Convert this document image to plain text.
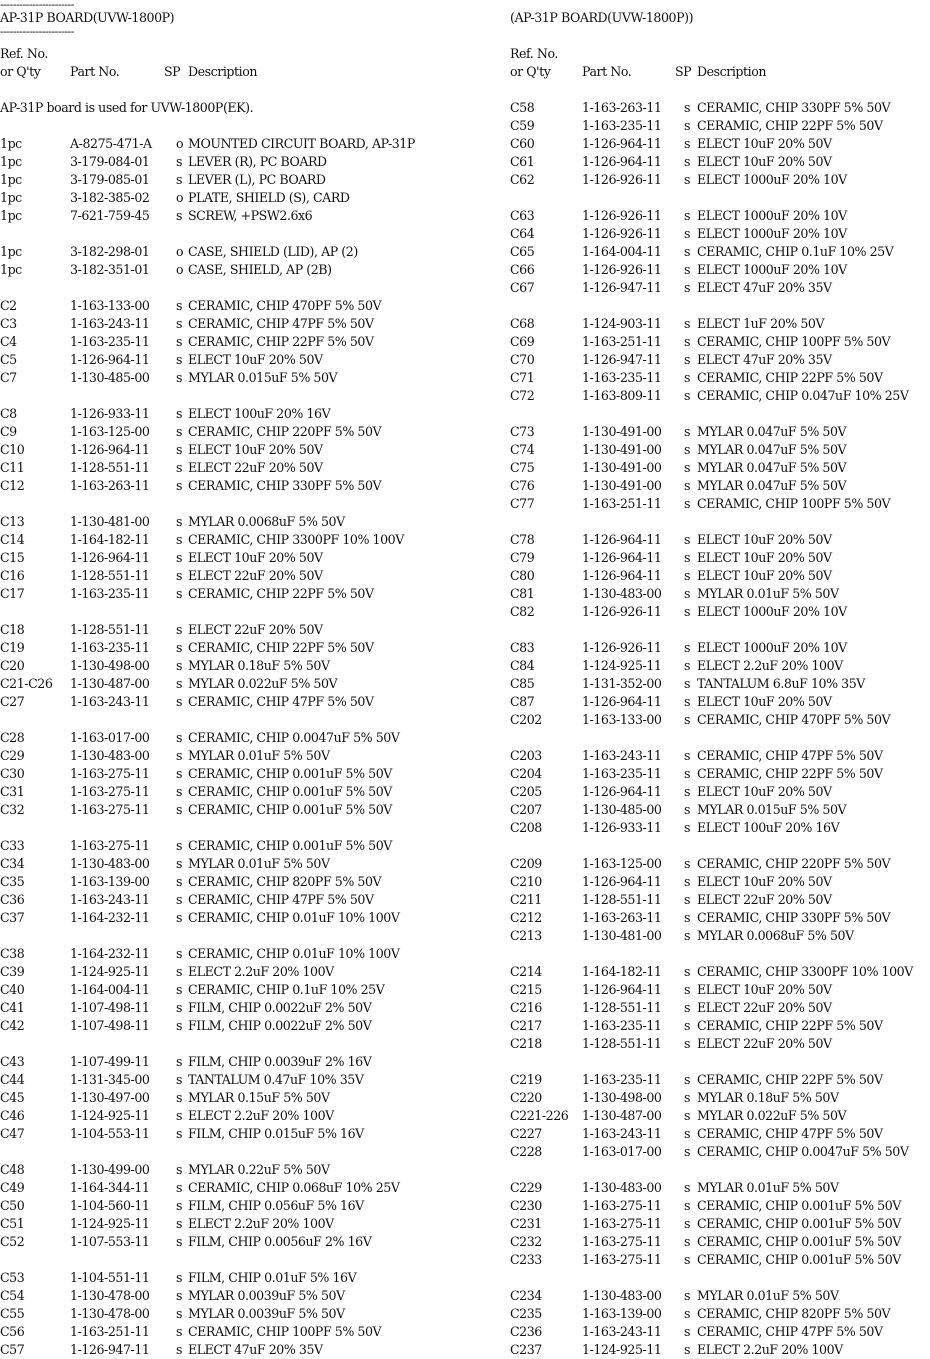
-----------------------
AP-31P BOARD(UVW-1800P)
-----------------------
Ref. No.

or Q'ty

Part No.

	SP

Description

AP-31P board is used for UVW-1800P(EK).
1pc	A-8275-471-A o MOUNTED CIRCUIT BOARD, AP-31P
1pc	3-179-084-01 s LEVER (R), PC BOARD
1pc	3-179-085-01 s LEVER (L), PC BOARD
1pc	3-182-385-02 o PLATE, SHIELD (S), CARD
1pc	7-621-759-45 s SCREW, +PSW2.6x6
1pc	3-182-298-01 o CASE, SHIELD (LID), AP (2)
1pc	3-182-351-01 o CASE, SHIELD, AP (2B)
C2	1-163-133-00 s CERAMIC, CHIP 470PF 5% 50V
C3	1-163-243-11 s CERAMIC, CHIP 47PF 5% 50V
C4	1-163-235-11 s CERAMIC, CHIP 22PF 5% 50V
C5	1-126-964-11 s ELECT 10uF 20% 50V
C7	1-130-485-00 s MYLAR 0.015uF 5% 50V
C8	1-126-933-11 s ELECT 100uF 20% 16V
C9	1-163-125-00 s CERAMIC, CHIP 220PF 5% 50V
C10	1-126-964-11 s ELECT 10uF 20% 50V
C11	1-128-551-11 s ELECT 22uF 20% 50V
C12	1-163-263-11 s CERAMIC, CHIP 330PF 5% 50V
C13	1-130-481-00 s MYLAR 0.0068uF 5% 50V
C14	1-164-182-11 s CERAMIC, CHIP 3300PF 10% 100V
C15	1-126-964-11 s ELECT 10uF 20% 50V
C16	1-128-551-11 s ELECT 22uF 20% 50V
C17	1-163-235-11 s CERAMIC, CHIP 22PF 5% 50V
C18	1-128-551-11 s ELECT 22uF 20% 50V
C19	1-163-235-11 s CERAMIC, CHIP 22PF 5% 50V
C20	1-130-498-00 s MYLAR 0.18uF 5% 50V
C21-C26 1-130-487-00 s MYLAR 0.022uF 5% 50V
C27	1-163-243-11 s CERAMIC, CHIP 47PF 5% 50V
C28	1-163-017-00 s CERAMIC, CHIP 0.0047uF 5% 50V
C29	1-130-483-00 s MYLAR 0.01uF 5% 50V
C30	1-163-275-11 s CERAMIC, CHIP 0.001uF 5% 50V
C31	1-163-275-11 s CERAMIC, CHIP 0.001uF 5% 50V
C32	1-163-275-11 s CERAMIC, CHIP 0.001uF 5% 50V
C33	1-163-275-11 s CERAMIC, CHIP 0.001uF 5% 50V
C34	1-130-483-00 s MYLAR 0.01uF 5% 50V
C35	1-163-139-00 s CERAMIC, CHIP 820PF 5% 50V
C36	1-163-243-11 s CERAMIC, CHIP 47PF 5% 50V
C37	1-164-232-11 s CERAMIC, CHIP 0.01uF 10% 100V
C38	1-164-232-11 s CERAMIC, CHIP 0.01uF 10% 100V
C39	1-124-925-11 s ELECT 2.2uF 20% 100V
C40	1-164-004-11 s CERAMIC, CHIP 0.1uF 10% 25V
C41	1-107-498-11 s FILM, CHIP 0.0022uF 2% 50V
C42	1-107-498-11 s FILM, CHIP 0.0022uF 2% 50V
C43	1-107-499-11 s FILM, CHIP 0.0039uF 2% 16V
C44	1-131-345-00 s TANTALUM 0.47uF 10% 35V
C45	1-130-497-00 s MYLAR 0.15uF 5% 50V
C46	1-124-925-11 s ELECT 2.2uF 20% 100V
C47	1-104-553-11 s FILM, CHIP 0.015uF 5% 16V
C48	1-130-499-00 s MYLAR 0.22uF 5% 50V
C49	1-164-344-11 s CERAMIC, CHIP 0.068uF 10% 25V
C50	1-104-560-11 s FILM, CHIP 0.056uF 5% 16V
C51	1-124-925-11 s ELECT 2.2uF 20% 100V
C52	1-107-553-11 s FILM, CHIP 0.0056uF 2% 16V
C53	1-104-551-11 s FILM, CHIP 0.01uF 5% 16V
C54	1-130-478-00 s MYLAR 0.0039uF 5% 50V
C55	1-130-478-00 s MYLAR 0.0039uF 5% 50V
C56	1-163-251-11 s CERAMIC, CHIP 100PF 5% 50V
C57	1-126-947-11 s ELECT 47uF 20% 35V
(AP-31P BOARD(UVW-1800P))
Ref. No.

or Q'ty

	Part No.

	SP

Description

C58	1-163-263-11 s CERAMIC, CHIP 330PF 5% 50V
C59	1-163-235-11 s CERAMIC, CHIP 22PF 5% 50V
C60	1-126-964-11 s ELECT 10uF 20% 50V
C61	1-126-964-11 s ELECT 10uF 20% 50V
C62	1-126-926-11 s ELECT 1000uF 20% 10V
C63	1-126-926-11 s ELECT 1000uF 20% 10V
C64	1-126-926-11 s ELECT 1000uF 20% 10V
C65	1-164-004-11 s CERAMIC, CHIP 0.1uF 10% 25V
C66	1-126-926-11 s ELECT 1000uF 20% 10V
C67	1-126-947-11 s ELECT 47uF 20% 35V
C68	1-124-903-11 s ELECT 1uF 20% 50V
C69	1-163-251-11 s CERAMIC, CHIP 100PF 5% 50V
C70	1-126-947-11 s ELECT 47uF 20% 35V
C71	1-163-235-11 s CERAMIC, CHIP 22PF 5% 50V
C72	1-163-809-11 s CERAMIC, CHIP 0.047uF 10% 25V
C73	1-130-491-00 s MYLAR 0.047uF 5% 50V
C74	1-130-491-00 s MYLAR 0.047uF 5% 50V
C75	1-130-491-00 s MYLAR 0.047uF 5% 50V
C76	1-130-491-00 s MYLAR 0.047uF 5% 50V
C77	1-163-251-11 s CERAMIC, CHIP 100PF 5% 50V
C78	1-126-964-11 s ELECT 10uF 20% 50V
C79	1-126-964-11 s ELECT 10uF 20% 50V
C80	1-126-964-11 s ELECT 10uF 20% 50V
C81	1-130-483-00 s MYLAR 0.01uF 5% 50V
C82	1-126-926-11 s ELECT 1000uF 20% 10V
C83	1-126-926-11 s ELECT 1000uF 20% 10V
C84	1-124-925-11 s ELECT 2.2uF 20% 100V
C85	1-131-352-00 s TANTALUM 6.8uF 10% 35V
C87	1-126-964-11 s ELECT 10uF 20% 50V
C202	1-163-133-00 s CERAMIC, CHIP 470PF 5% 50V
C203	1-163-243-11 s CERAMIC, CHIP 47PF 5% 50V
C204	1-163-235-11 s CERAMIC, CHIP 22PF 5% 50V
C205	1-126-964-11 s ELECT 10uF 20% 50V
C207	1-130-485-00 s MYLAR 0.015uF 5% 50V
C208	1-126-933-11 s ELECT 100uF 20% 16V
C209	1-163-125-00 s CERAMIC, CHIP 220PF 5% 50V
C210	1-126-964-11 s ELECT 10uF 20% 50V
C211	1-128-551-11 s ELECT 22uF 20% 50V
C212	1-163-263-11 s CERAMIC, CHIP 330PF 5% 50V
C213	1-130-481-00 s MYLAR 0.0068uF 5% 50V
C214	1-164-182-11 s CERAMIC, CHIP 3300PF 10% 100V
C215	1-126-964-11 s ELECT 10uF 20% 50V
C216	1-128-551-11 s ELECT 22uF 20% 50V
C217	1-163-235-11 s CERAMIC, CHIP 22PF 5% 50V
C218	1-128-551-11 s ELECT 22uF 20% 50V
C219	1-163-235-11 s CERAMIC, CHIP 22PF 5% 50V
C220	1-130-498-00 s MYLAR 0.18uF 5% 50V
C221-226 1-130-487-00 s MYLAR 0.022uF 5% 50V
C227	1-163-243-11 s CERAMIC, CHIP 47PF 5% 50V
C228	1-163-017-00 s CERAMIC, CHIP 0.0047uF 5% 50V
C229	1-130-483-00 s MYLAR 0.01uF 5% 50V
C230	1-163-275-11 s CERAMIC, CHIP 0.001uF 5% 50V
C231	1-163-275-11 s CERAMIC, CHIP 0.001uF 5% 50V
C232	1-163-275-11 s CERAMIC, CHIP 0.001uF 5% 50V
C233	1-163-275-11 s CERAMIC, CHIP 0.001uF 5% 50V
C234	1-130-483-00 s MYLAR 0.01uF 5% 50V
C235	1-163-139-00 s CERAMIC, CHIP 820PF 5% 50V
C236	1-163-243-11 s CERAMIC, CHIP 47PF 5% 50V
C237	1-124-925-11 s ELECT 2.2uF 20% 100V
